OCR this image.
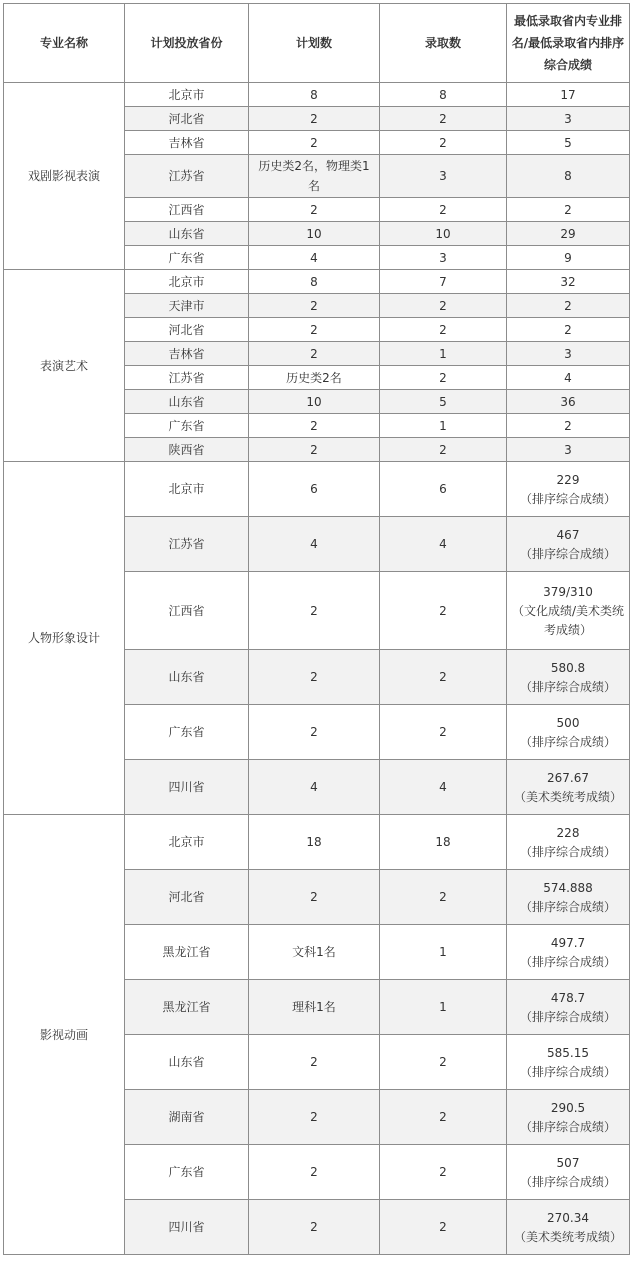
专业名称	计划投放省份	计划数	录取数	最低录取省内专业排名/最低录取省内排序综合成绩
戏剧影视表演	北京市	8	8	17

	河北省	2	2	3

	吉林省	2	2	5

	江苏省	历史类2名，物理类1名	3	8

	江西省	2	2	2

	山东省	10	10	29

	广东省	4	3	9

表演艺术	北京市	8	7	32

	天津市	2	2	2

	河北省	2	2	2

	吉林省	2	1	3

	江苏省	历史类2名	2	4

	山东省	10	5	36

	广东省	2	1	2

	陕西省	2	2	3

人物形象设计	北京市	6	6	229
（排序综合成绩）

	江苏省	4	4	467
（排序综合成绩）

	江西省	2	2	379/310
（文化成绩/美术类统考成绩）

	山东省	2	2	580.8
（排序综合成绩）

	广东省	2	2	500
（排序综合成绩）

	四川省	4	4	267.67
（美术类统考成绩）

影视动画	北京市	18	18	228
（排序综合成绩）

	河北省	2	2	574.888
（排序综合成绩）

	黑龙江省	文科1名	1	497.7
（排序综合成绩）

	黑龙江省	理科1名	1	478.7
（排序综合成绩）

	山东省	2	2	585.15
（排序综合成绩）

	湖南省	2	2	290.5
（排序综合成绩）

	广东省	2	2	507
（排序综合成绩）

	四川省	2	2	270.34
（美术类统考成绩）
